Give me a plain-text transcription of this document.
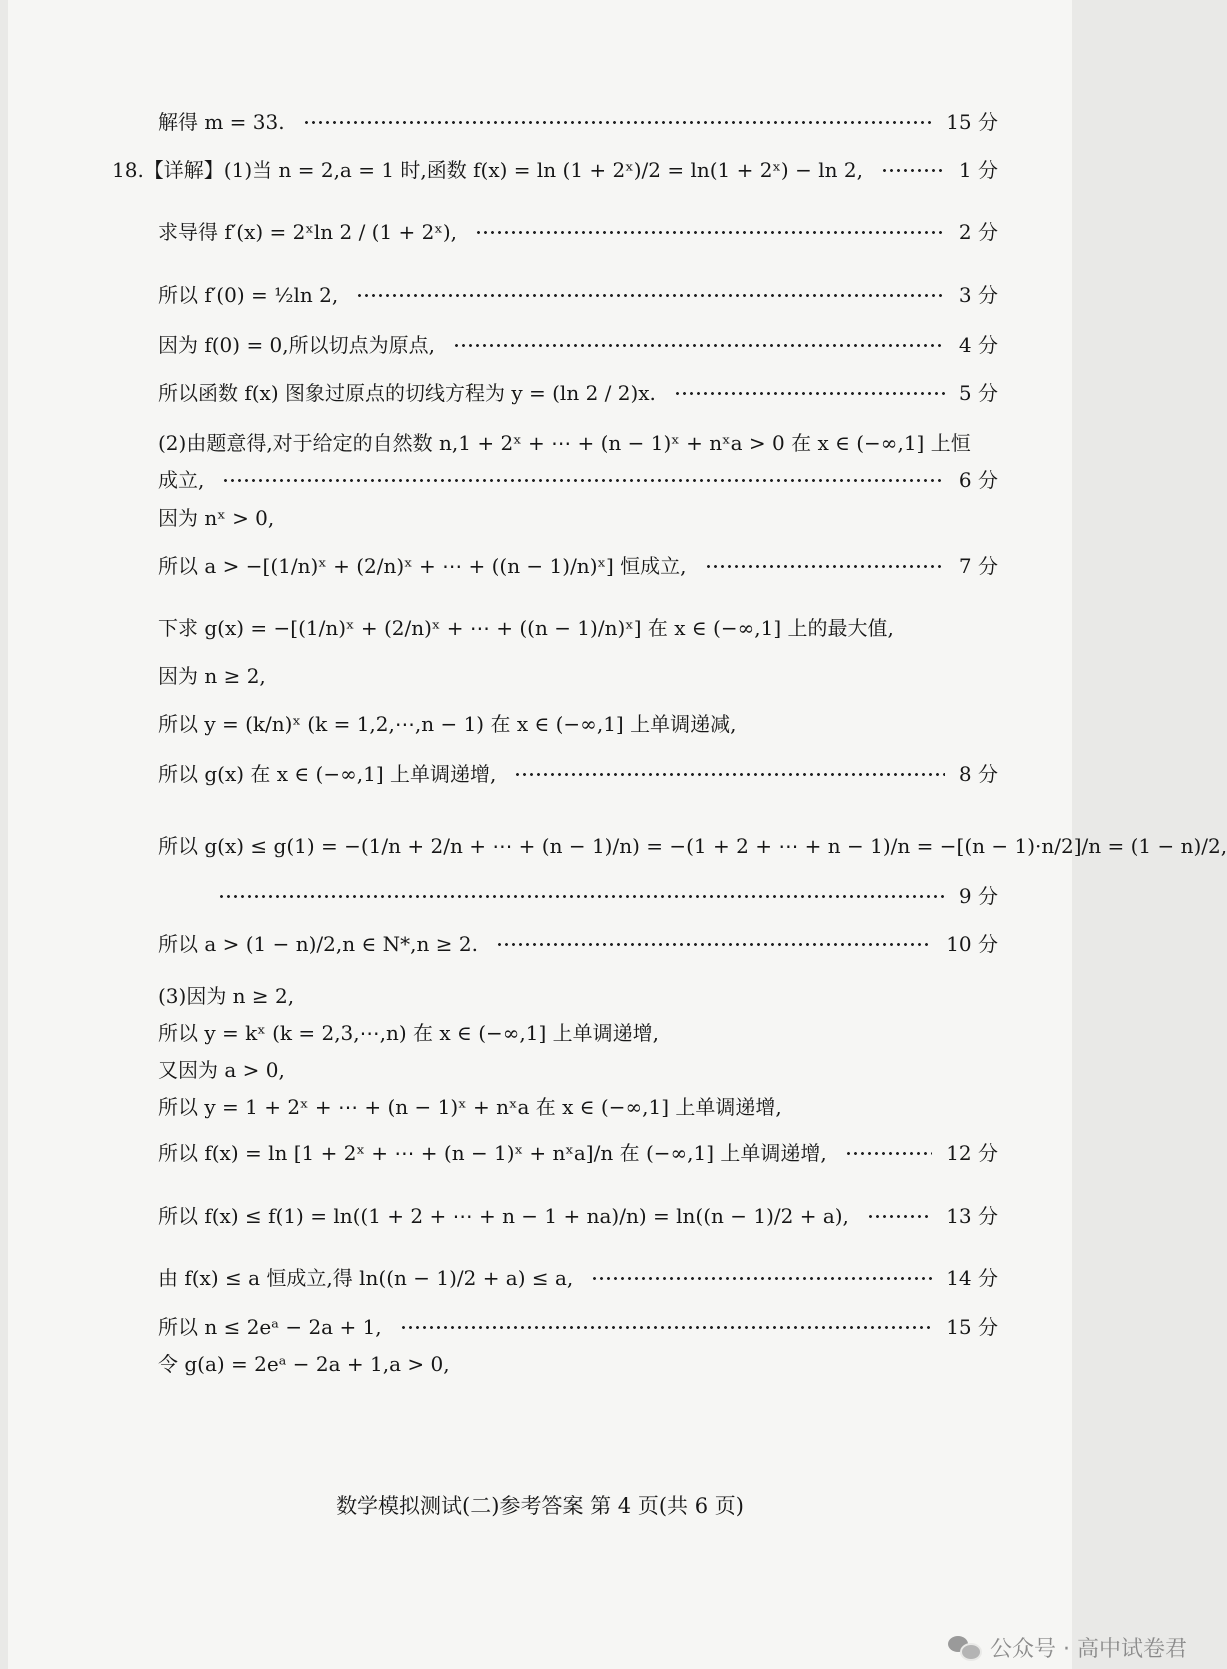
解得 m = 33.	15 分
18.【详解】(1)当 n = 2,a = 1 时,函数 f(x) = ln (1 + 2ˣ)/2 = ln(1 + 2ˣ) − ln 2,	1 分
求导得 f′(x) = 2ˣln 2 / (1 + 2ˣ),	2 分
所以 f′(0) = ½ln 2,	3 分
因为 f(0) = 0,所以切点为原点,	4 分
所以函数 f(x) 图象过原点的切线方程为 y = (ln 2 / 2)x.	5 分
(2)由题意得,对于给定的自然数 n,1 + 2ˣ + ⋯ + (n − 1)ˣ + nˣa > 0 在 x ∈ (−∞,1] 上恒
成立,	6 分
因为 nˣ > 0,
所以 a > −[(1/n)ˣ + (2/n)ˣ + ⋯ + ((n − 1)/n)ˣ] 恒成立,	7 分
下求 g(x) = −[(1/n)ˣ + (2/n)ˣ + ⋯ + ((n − 1)/n)ˣ] 在 x ∈ (−∞,1] 上的最大值,
因为 n ≥ 2,
所以 y = (k/n)ˣ (k = 1,2,⋯,n − 1) 在 x ∈ (−∞,1] 上单调递减,
所以 g(x) 在 x ∈ (−∞,1] 上单调递增,	8 分
所以 g(x) ≤ g(1) = −(1/n + 2/n + ⋯ + (n − 1)/n) = −(1 + 2 + ⋯ + n − 1)/n = −[(n − 1)·n/2]/n = (1 − n)/2,
9 分
所以 a > (1 − n)/2,n ∈ N*,n ≥ 2.	10 分
(3)因为 n ≥ 2,
所以 y = kˣ (k = 2,3,⋯,n) 在 x ∈ (−∞,1] 上单调递增,
又因为 a > 0,
所以 y = 1 + 2ˣ + ⋯ + (n − 1)ˣ + nˣa 在 x ∈ (−∞,1] 上单调递增,
所以 f(x) = ln [1 + 2ˣ + ⋯ + (n − 1)ˣ + nˣa]/n 在 (−∞,1] 上单调递增,	12 分
所以 f(x) ≤ f(1) = ln((1 + 2 + ⋯ + n − 1 + na)/n) = ln((n − 1)/2 + a),	13 分
由 f(x) ≤ a 恒成立,得 ln((n − 1)/2 + a) ≤ a,	14 分
所以 n ≤ 2eᵃ − 2a + 1,	15 分
令 g(a) = 2eᵃ − 2a + 1,a > 0,
数学模拟测试(二)参考答案 第 4 页(共 6 页)
公众号 · 高中试卷君
